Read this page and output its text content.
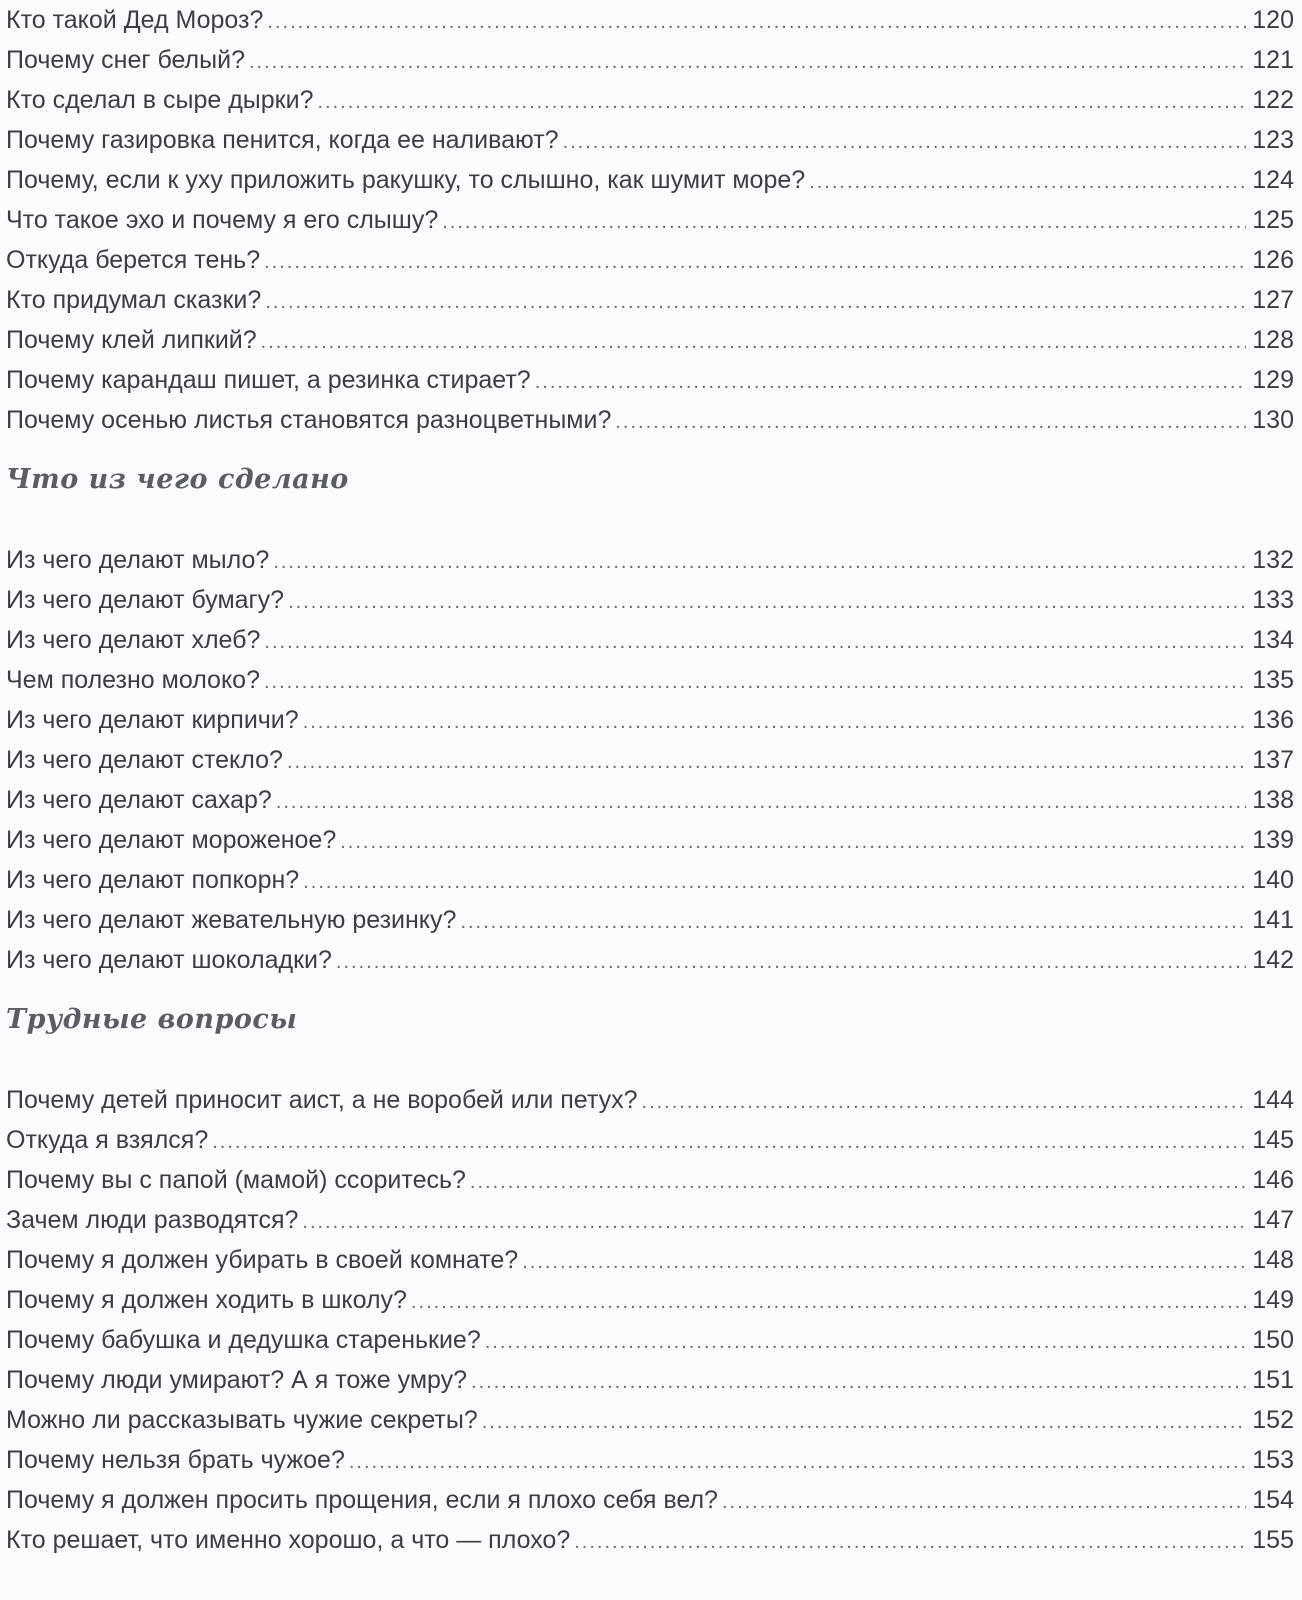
Кто такой Дед Мороз? .....	120
Почему снег белый? .....	121
Кто сделал в сыре дырки? .....	122
Почему газировка пенится, когда ее наливают? .....	123
Почему, если к уху приложить ракушку, то слышно, как шумит море? .....	124
Что такое эхо и почему я его слышу? .....	125
Откуда берется тень? .....	126
Кто придумал сказки? .....	127
Почему клей липкий? .....	128
Почему карандаш пишет, а резинка стирает? .....	129
Почему осенью листья становятся разноцветными? .....	130
Что из чего сделано
Из чего делают мыло? .....	132
Из чего делают бумагу? .....	133
Из чего делают хлеб? .....	134
Чем полезно молоко? .....	135
Из чего делают кирпичи? .....	136
Из чего делают стекло? .....	137
Из чего делают сахар? .....	138
Из чего делают мороженое? .....	139
Из чего делают попкорн? .....	140
Из чего делают жевательную резинку? .....	141
Из чего делают шоколадки? .....	142
Трудные вопросы
Почему детей приносит аист, а не воробей или петух? .....	144
Откуда я взялся? .....	145
Почему вы с папой (мамой) ссоритесь? .....	146
Зачем люди разводятся? .....	147
Почему я должен убирать в своей комнате? .....	148
Почему я должен ходить в школу? .....	149
Почему бабушка и дедушка старенькие? .....	150
Почему люди умирают? А я тоже умру? .....	151
Можно ли рассказывать чужие секреты? .....	152
Почему нельзя брать чужое? .....	153
Почему я должен просить прощения, если я плохо себя вел? .....	154
Кто решает, что именно хорошо, а что — плохо? .....	155
